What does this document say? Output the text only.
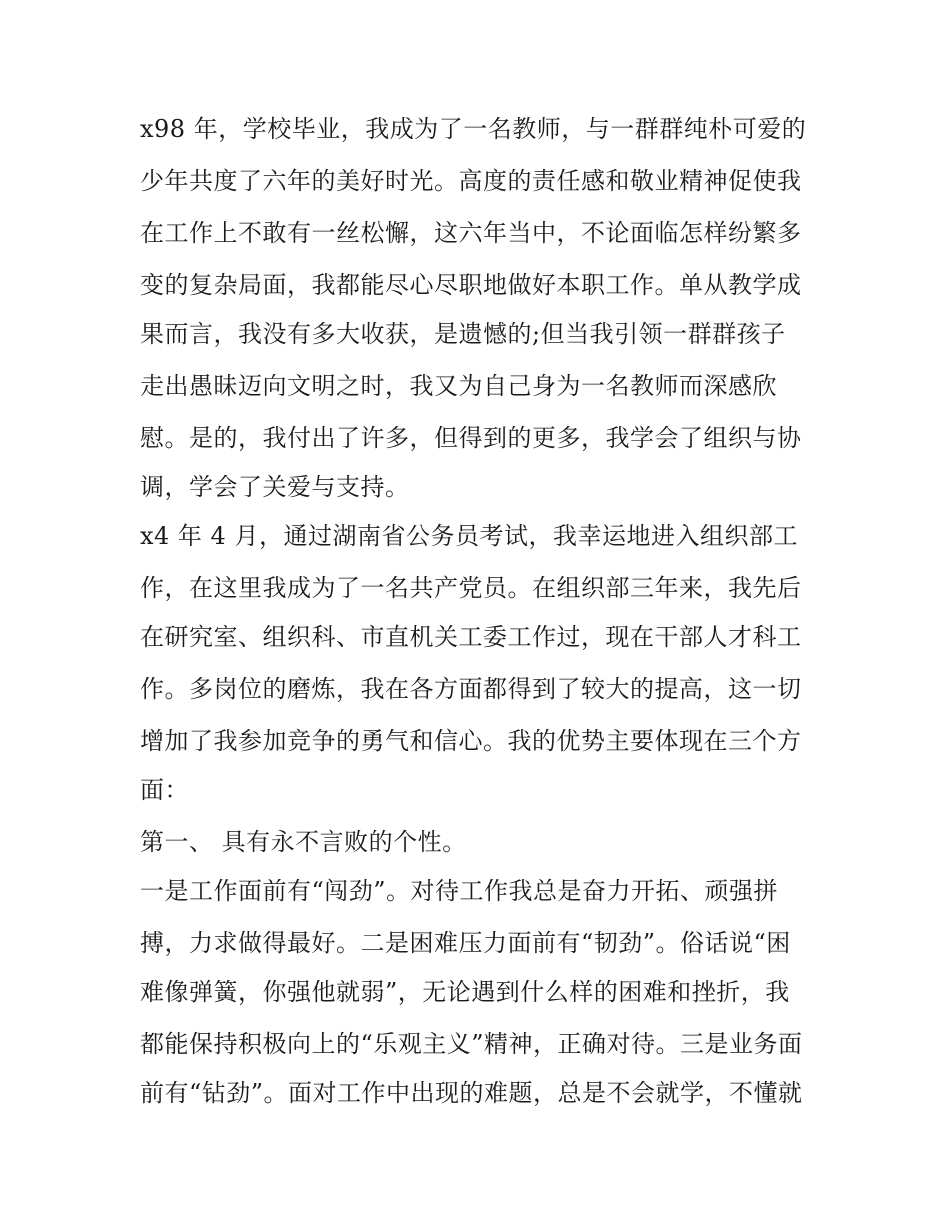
x98 年，学校毕业，我成为了一名教师，与一群群纯朴可爱的
少年共度了六年的美好时光。高度的责任感和敬业精神促使我
在工作上不敢有一丝松懈，这六年当中，不论面临怎样纷繁多
变的复杂局面，我都能尽心尽职地做好本职工作。单从教学成
果而言，我没有多大收获，是遗憾的;但当我引领一群群孩子
走出愚昧迈向文明之时，我又为自己身为一名教师而深感欣
慰。是的，我付出了许多，但得到的更多，我学会了组织与协
调，学会了关爱与支持。
x4 年 4 月，通过湖南省公务员考试，我幸运地进入组织部工
作，在这里我成为了一名共产党员。在组织部三年来，我先后
在研究室、组织科、市直机关工委工作过，现在干部人才科工
作。多岗位的磨炼，我在各方面都得到了较大的提高，这一切
增加了我参加竞争的勇气和信心。我的优势主要体现在三个方
面：
第一、 具有永不言败的个性。
一是工作面前有“闯劲”。对待工作我总是奋力开拓、顽强拼
搏，力求做得最好。二是困难压力面前有“韧劲”。俗话说“困
难像弹簧，你强他就弱”，无论遇到什么样的困难和挫折，我
都能保持积极向上的“乐观主义”精神，正确对待。三是业务面
前有“钻劲”。面对工作中出现的难题，总是不会就学，不懂就
